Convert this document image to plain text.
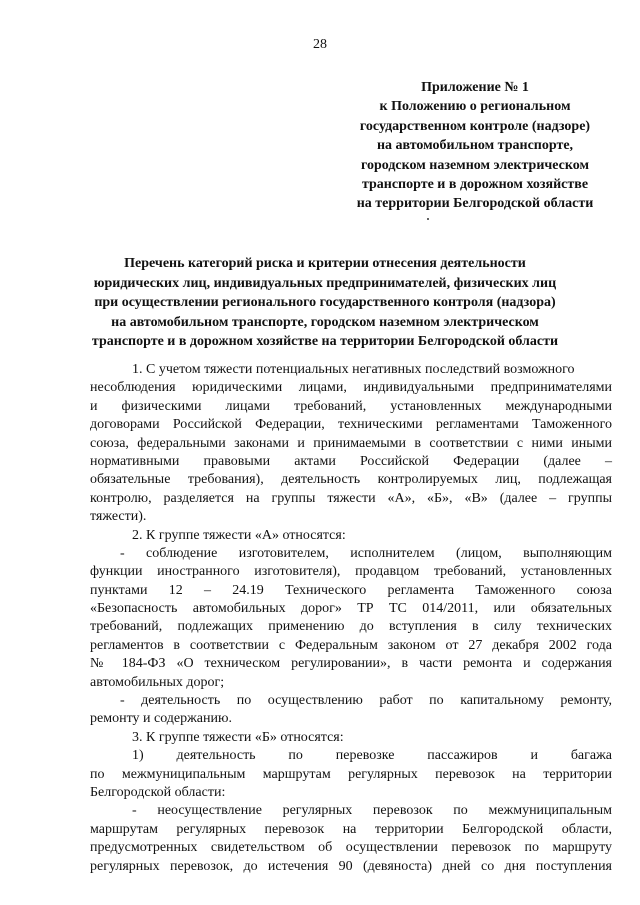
28
Приложение № 1
к Положению о региональном
государственном контроле (надзоре)
на автомобильном транспорте,
городском наземном электрическом
транспорте и в дорожном хозяйстве
на территории Белгородской области
Перечень категорий риска и критерии отнесения деятельности
юридических лиц, индивидуальных предпринимателей, физических лиц
при осуществлении регионального государственного контроля (надзора)
на автомобильном транспорте, городском наземном электрическом
транспорте и в дорожном хозяйстве на территории Белгородской области
1. С учетом тяжести потенциальных негативных последствий возможного
несоблюдения юридическими лицами, индивидуальными предпринимателями
и физическими лицами требований, установленных международными
договорами Российской Федерации, техническими регламентами Таможенного
союза, федеральными законами и принимаемыми в соответствии с ними иными
нормативными правовыми актами Российской Федерации (далее –
обязательные требования), деятельность контролируемых лиц, подлежащая
контролю, разделяется на группы тяжести «А», «Б», «В» (далее – группы
тяжести).
2. К группе тяжести «А» относятся:
- соблюдение изготовителем, исполнителем (лицом, выполняющим
функции иностранного изготовителя), продавцом требований, установленных
пунктами 12 – 24.19 Технического регламента Таможенного союза
«Безопасность автомобильных дорог» ТР ТС 014/2011, или обязательных
требований, подлежащих применению до вступления в силу технических
регламентов в соответствии с Федеральным законом от 27 декабря 2002 года
№ 184-ФЗ «О техническом регулировании», в части ремонта и содержания
автомобильных дорог;
- деятельность по осуществлению работ по капитальному ремонту,
ремонту и содержанию.
3. К группе тяжести «Б» относятся:
1) деятельность по перевозке пассажиров и багажа
по межмуниципальным маршрутам регулярных перевозок на территории
Белгородской области:
- неосуществление регулярных перевозок по межмуниципальным
маршрутам регулярных перевозок на территории Белгородской области,
предусмотренных свидетельством об осуществлении перевозок по маршруту
регулярных перевозок, до истечения 90 (девяноста) дней со дня поступления
